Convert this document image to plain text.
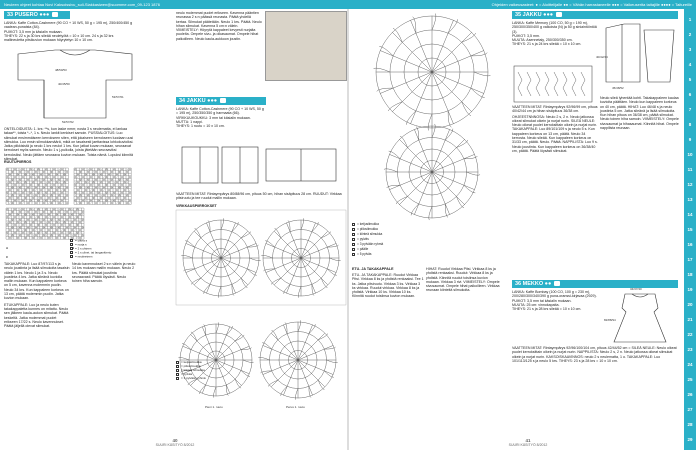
Neuleen ohjeet kohtaa Novi Kaksoissivu_suli-Siakkasiwen@suomme.com_09-123 1876	Ohjeiden vaikeusasteet: ● = Aloittelijalle ●● = Vähän harrastaneelle ●●● = Vaikeuserita taitajille ●●●● = Taitureille
1
2
3
4
5
6
7
8
9
10
11
12
13
14
15
16
17
18
19
20
21
22
23
24
25
26
27
28
29
33 PUSERO ●●●
LANKA: Kaffe Cotton-Cashmere (90 CO + 10 WS, 50 g = 195 m), 250/400/450 g vaalean-punaista (84).
PUIKOT: 3,5 mm ja käsialin mukaan.
TIHEYS: 22 s ja 30 krs sileää neuletyötä = 10 x 10 cm. 24 s ja 32 krs mallineuletta pitsikuvion mukaan höyrytetyn 10 x 10 cm.
48/50/53
40/45/50
53/57/61
52/57/62
ONTELOIDUSTA: 1. krs: **s, kun laske nmm; nosta 3 s neulematta, ei lankaa takaa**, toista *–*, 1 s. Neulo lankit kenkiset samoin. PUSSIALOITUS: Luo silmukat ensimmäiseen kerrokseen siten, että jokaiseen kerrokseen luodaan uusi silmukka. Luo ensin silmukkamäärä, mikä on tasaisesti jaettavissa lohkokuvioiksi. Jatka piikkisistä ja neulo 1 krs neulot 1 krs. Kun jatkat kuvan mukaan, seuraavat kerrokset myös samoin. Neulo 1 s j-puikolla, joista jätetään seuraaviksi kerroksiksi. Neulo jättäen seuraava kuvion mukaan. Toista nämä. Lopuksi kiinnitä silmukat.
RUUTUPIIRROS
A	B
C
= oikea s
= nurja s
= 2 s yhteen
= 1 s ylivet. tai langankierto
= neuleeteen
TAKAKAPPALE: Luo 87/97/113 s ja neulo joustinta ja lisää silmukoita tasaisin välein 1 krs. Neulo 1 ja 3 s. Neulo joustinta 4 krs. Jatka sileänä kuviolla mallin mukaan. Kun kappaleen korkeus on 5 cm, kavenna molemmin puolin. Neulo 34 krs. Kun kappaleen korkeus on 13 cm, päätä molemmin puolin. Jatka kuvion mukaan.
ETUKAPPALE: Luo ja neulo kuten takakappaletta kunnes on mitattu. Neulo sen jälkeen kaula-aukon silmukat. Päätä keskeltä. Jatka molemmat puolet erikseen 17/22 s. Neulo kavennukset. Päätä jäljellä olevat silmukat.
Neulo kavennukset 2 s:n välein ja neulo 14 krs mukaan mallin mukaan. Neulo 2 krs. Päätä silmukat joustinta seuraavasti. Päätä löysästi. Neulo toinen hiha samoin.
neulo molemmat puolet erikseen. Kavenna pääntien reunassa 2 s:n päässä reunasta. Päätä yhdellä kertaa. Silmukat päätetään. Neulo 1 krs. Päätä. Neulo hihan silmukat. Kavenna 5 cm:n välein. VIIMEISTELY: Höyrytä kappaleet kevyesti nurjalta puolelta. Ompele sivu- ja olkasaumat. Ompele hihat paikoilleen. Neulo kaula-aukkoon joustin.
34 JAKKU ●●●
LANKA: Kaffe Cotton-Cashmere (90 CO + 10 WS, 50 g = 195 m), 250/350/350 g harmaata (66).
VIRKKUUKOUKKU: 3 mm tai käsialin mukaan.
MUTTA: 1 nappi.
TIHEYS: 1 ruutu = 10 x 10 cm.
VAATTEEN MITAT: Rintaympärys 80/88/96 cm, pituus 50 cm, hihan sisäpituus 28 cm. RUUDUT: Virkkaa pitsiruutu ja tee ruudut mallin mukaan.
VIRKKAUSPIIRROKSET
Pieni 1. ruutu	Perus 1. ruutu
= ketjusilmukka
= piilosilmukka
= kiinteä silmukka
= pylväs
= 3 pylvään ryhmä
40
SUURI KÄSITYÖ 8/2012
= ketjusilmukka
= piilosilmukka
= kiinteä silmukka
= pylväs
= 3 pylvään ryhmä
= päälle
= 5 pylväs
ETU- JA TAKAKAPPALE
ETU- JA TAKAKAPPALE: Ruudut Virkkaa Pitsi. Virkkaa 8 ks ja yhdistä renkaaksi. Tee 1 ks. Jatka pitsiruutu. Virkkaa 3 ks. Virkkaa 3 ks virkkaa. Ruudut virkkaa. Virkkaa 8 ks ja yhdistä. Virkkaa 10 ks. Virkkaa 10 ks. Kiinnitä ruudut toisiinsa kuvion mukaan.
HIHAT: Ruudut Virkkaa Pitsi. Virkkaa 8 ks ja yhdistä renkaaksi. Ruudut: Virkkaa 8 ks ja yhdistä. Kiinnitä ruudut toisiinsa kuvion mukaan. Virkkaa 3 rivi. VIIMEISTELY: Ompele sivusaumat. Ompele hihat paikoilleen. Virkkaa reunaan kiinteitä silmukoita.
35 JAKKU ●●●
LANKA: Kaffe Memory (100 CO, 50 g = 190 m), 250/300/350/400 g valkoista (N) ja 50 g siniaintöintöä (3).
PUIKOT: 3,5 mm.
MUUTA: Asennetaly, 250/300/350 cm.
TIHEYS: 21 s ja 24 krs sileää = 10 x 10 cm.
45/48/52
40/42/44
VAATTEEN MITAT: Rintaympärys 92/96/99 cm, pituus 40/42/44 cm ja hihan sisäpituus 36/38 cm.
OHJEESTNNNOSA: Neulo 2 s, 2 n. Neulo jatkossa oikeat silmukat oikein ja nurjat nurin. SILEÄ NEULE: Neulo oikeat puolet kerroksittain oikein ja nurjat nurin. TAKAKAPPALE: Luo 89/101/109 s ja neulo 5 s. Kun kappaleen korkeus on 13 cm, päätä. Neulo 34 kerrosta. Neulo sileää. Kun kappaleen korkeus on 31/33 cm, päätä. Neulo. Päätä. NAPPILISTA: Luo 9 s. Neulo joustinta. Kun kappaleen korkeus on 36/38/40 cm, päätä. Päätä löysästi silmukat.
Neulo sileä lyhentää kohti. Takakappaleen kaulaa kuvioita päättäen. Neulo kun kappaleen korkeus on 40 cm, päätä. HIHAT: Luo 46/48 s ja neulo joustinta 5 cm. Jatka sileänä ja lisää silmukoita. Kun hihan pituus on 36/38 cm, päätä silmukat. Neulo toinen hiha samoin. VIIMEISTELY: Ompele sivusaumat ja hihasaumat. Kiinnitä hihat. Ompele nappilista reunaan.
36 MEKKO ●●
LANKA: Kaffe Bombay (100 CO, 100 g = 230 m), 200/280/300/340/390 g puna-oranssi-kirjavaa (2929).
PUIKOT: 3,5 mm tai käsialin mukaan.
MUUTA: 25 cm: vinnokapaita.
TIHEYS: 21 s ja 28 krs sileää = 10 x 10 cm.
34/37/40
82/88/94
VAATTEEN MITAT: Rintaympärys 92/96/100/104 cm, pituus 42/44/52 cm = SILEÄ NEULE: Neulo oikeat puolet kerroksittain oikein ja nurjat nurin. NAPPILISTA: Neulo 2 s, 2 n. Neulo jatkossa oikeat silmukat oikein ja nurjat nurin. KAKSOISKAAVINNOS: neulo 2 s neulematta, 1 o. TAKAKAPPALE: Luo 101/113/125 s ja neulo 5 krs. TIHEYS: 23 s ja 28 krs = 10 x 10 cm.
41
SUURI KÄSITYÖ 8/2012
